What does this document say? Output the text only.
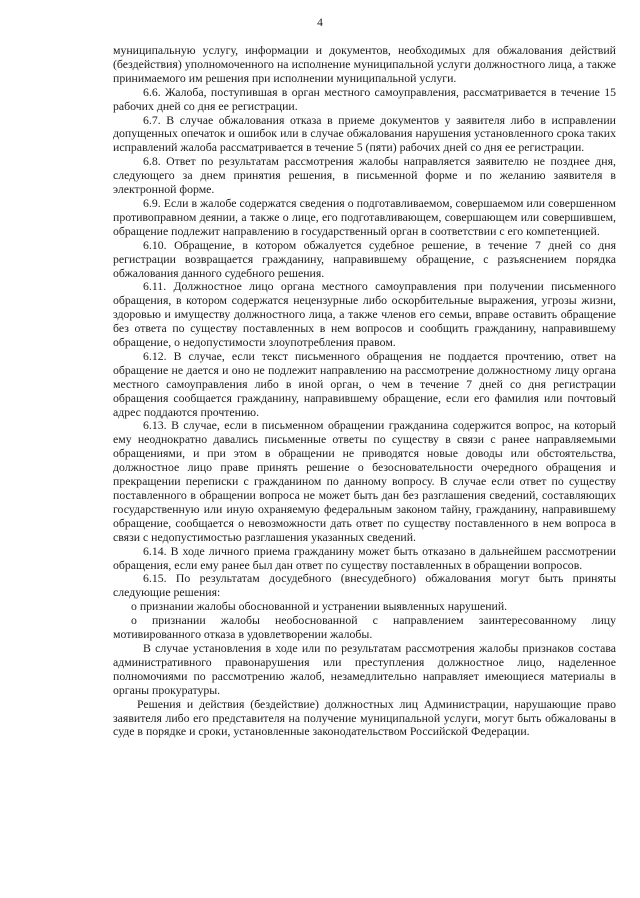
4

муниципальную услугу, информации и документов, необходимых для обжалования действий (бездействия) уполномоченного на исполнение муниципальной услуги должностного лица, а также принимаемого им решения при исполнении муниципальной услуги.

6.6. Жалоба, поступившая в орган местного самоуправления, рассматривается в течение 15 рабочих дней со дня ее регистрации.

6.7. В случае обжалования отказа в приеме документов у заявителя либо в исправлении допущенных опечаток и ошибок или в случае обжалования нарушения установленного срока таких исправлений жалоба рассматривается в течение 5 (пяти) рабочих дней со дня ее регистрации.

6.8. Ответ по результатам рассмотрения жалобы направляется заявителю не позднее дня, следующего за днем принятия решения, в письменной форме и по желанию заявителя в электронной форме.

6.9. Если в жалобе содержатся сведения о подготавливаемом, совершаемом или совершенном противоправном деянии, а также о лице, его подготавливающем, совершающем или совершившем, обращение подлежит направлению в государственный орган в соответствии с его компетенцией.

6.10. Обращение, в котором обжалуется судебное решение, в течение 7 дней со дня регистрации возвращается гражданину, направившему обращение, с разъяснением порядка обжалования данного судебного решения.

6.11. Должностное лицо органа местного самоуправления при получении письменного обращения, в котором содержатся нецензурные либо оскорбительные выражения, угрозы жизни, здоровью и имуществу должностного лица, а также членов его семьи, вправе оставить обращение без ответа по существу поставленных в нем вопросов и сообщить гражданину, направившему обращение, о недопустимости злоупотребления правом.

6.12. В случае, если текст письменного обращения не поддается прочтению, ответ на обращение не дается и оно не подлежит направлению на рассмотрение должностному лицу органа местного самоуправления либо в иной орган, о чем в течение 7 дней со дня регистрации обращения сообщается гражданину, направившему обращение, если его фамилия или почтовый адрес поддаются прочтению.

6.13. В случае, если в письменном обращении гражданина содержится вопрос, на который ему неоднократно давались письменные ответы по существу в связи с ранее направляемыми обращениями, и при этом в обращении не приводятся новые доводы или обстоятельства, должностное лицо праве принять решение о безосновательности очередного обращения и прекращении переписки с гражданином по данному вопросу. В случае если ответ по существу поставленного в обращении вопроса не может быть дан без разглашения сведений, составляющих государственную или иную охраняемую федеральным законом тайну, гражданину, направившему обращение, сообщается о невозможности дать ответ по существу поставленного в нем вопроса в связи с недопустимостью разглашения указанных сведений.

6.14. В ходе личного приема гражданину может быть отказано в дальнейшем рассмотрении обращения, если ему ранее был дан ответ по существу поставленных в обращении вопросов.

6.15. По результатам досудебного (внесудебного) обжалования могут быть приняты следующие решения:

о признании жалобы обоснованной и устранении выявленных нарушений.

о признании жалобы необоснованной с направлением заинтересованному лицу мотивированного отказа в удовлетворении жалобы.

В случае установления в ходе или по результатам рассмотрения жалобы признаков состава административного правонарушения или преступления должностное лицо, наделенное полномочиями по рассмотрению жалоб, незамедлительно направляет имеющиеся материалы в органы прокуратуры.

Решения и действия (бездействие) должностных лиц Администрации, нарушающие право заявителя либо его представителя на получение муниципальной услуги, могут быть обжалованы в суде в порядке и сроки, установленные законодательством Российской Федерации.
